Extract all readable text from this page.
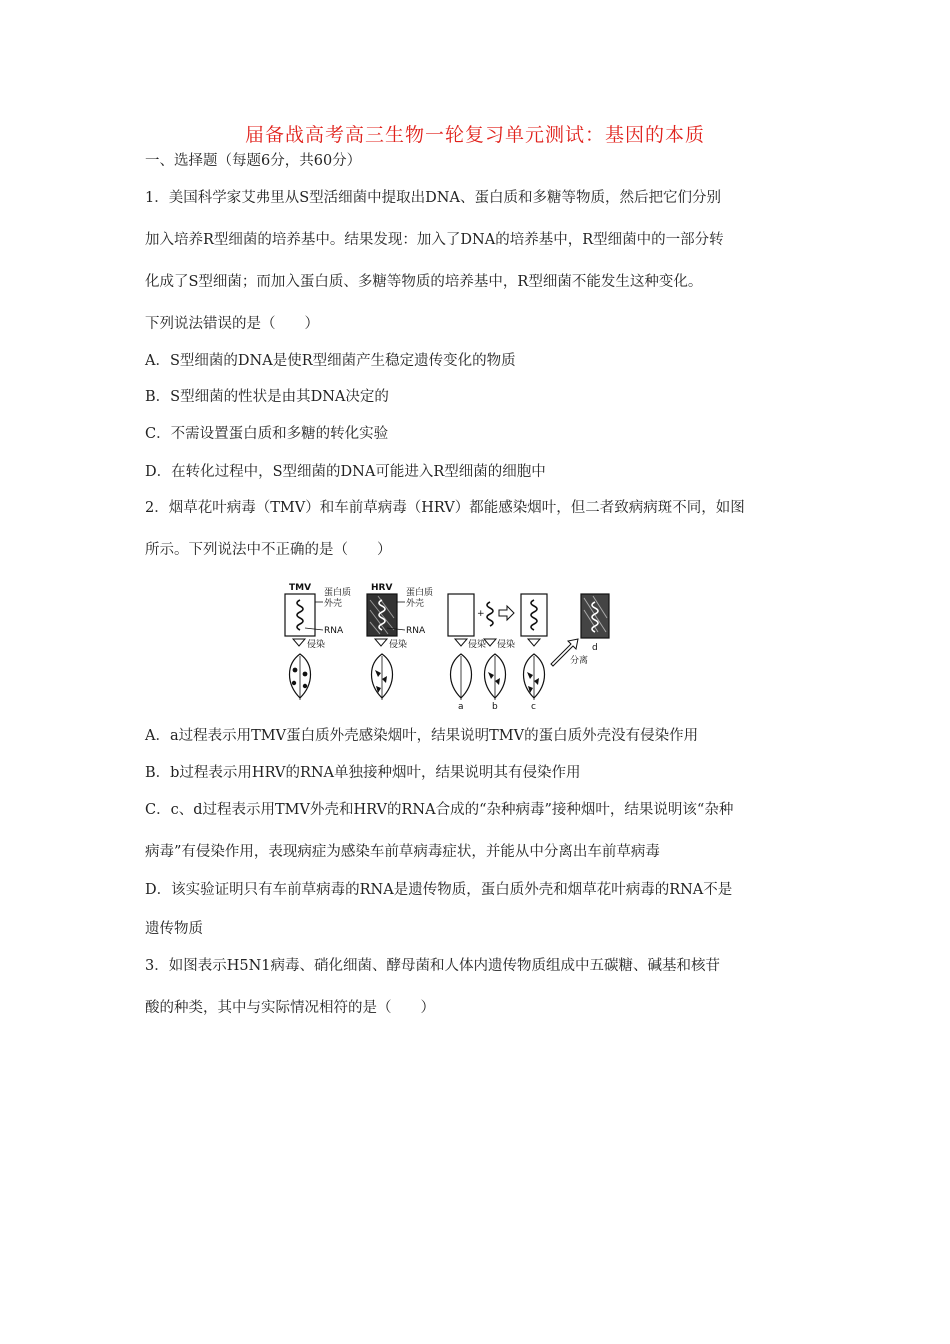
届备战高考高三生物一轮复习单元测试：基因的本质
一、选择题（每题6分，共60分）
1．美国科学家艾弗里从S型活细菌中提取出DNA、蛋白质和多糖等物质，然后把它们分别
加入培养R型细菌的培养基中。结果发现：加入了DNA的培养基中，R型细菌中的一部分转
化成了S型细菌；而加入蛋白质、多糖等物质的培养基中，R型细菌不能发生这种变化。
下列说法错误的是（　　）
A．S型细菌的DNA是使R型细菌产生稳定遗传变化的物质
B．S型细菌的性状是由其DNA决定的
C．不需设置蛋白质和多糖的转化实验
D．在转化过程中，S型细菌的DNA可能进入R型细菌的细胞中
2．烟草花叶病毒（TMV）和车前草病毒（HRV）都能感染烟叶，但二者致病病斑不同，如图
所示。下列说法中不正确的是（　　）
TMV 蛋白质
外壳
RNA
侵染
HRV 蛋白质
外壳
RNA
侵染
+
侵染 侵染
a	b	c
分离
d
A．a过程表示用TMV蛋白质外壳感染烟叶，结果说明TMV的蛋白质外壳没有侵染作用
B．b过程表示用HRV的RNA单独接种烟叶，结果说明其有侵染作用
C．c、d过程表示用TMV外壳和HRV的RNA合成的“杂种病毒”接种烟叶，结果说明该“杂种
病毒”有侵染作用，表现病症为感染车前草病毒症状，并能从中分离出车前草病毒
D．该实验证明只有车前草病毒的RNA是遗传物质，蛋白质外壳和烟草花叶病毒的RNA不是
遗传物质
3．如图表示H5N1病毒、硝化细菌、酵母菌和人体内遗传物质组成中五碳糖、碱基和核苷
酸的种类，其中与实际情况相符的是（　　）
